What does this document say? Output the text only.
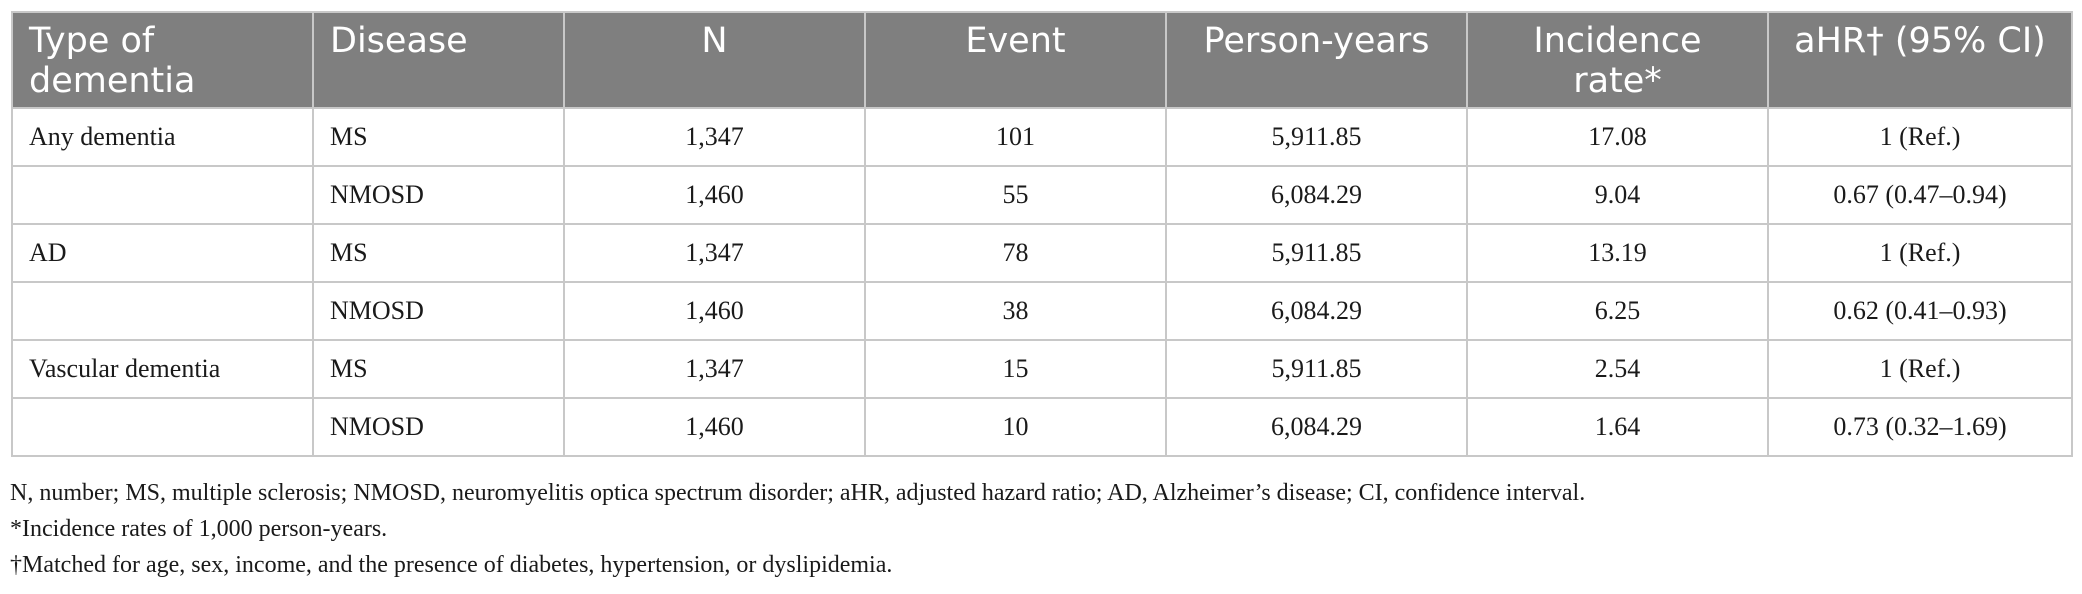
Type of dementia	Disease	N	Event	Person-years	Incidence rate*	aHR† (95% CI)

Any dementia	MS	1,347	101	5,911.85	17.08	1 (Ref.)
	NMOSD	1,460	55	6,084.29	9.04	0.67 (0.47–0.94)
AD	MS	1,347	78	5,911.85	13.19	1 (Ref.)
	NMOSD	1,460	38	6,084.29	6.25	0.62 (0.41–0.93)
Vascular dementia	MS	1,347	15	5,911.85	2.54	1 (Ref.)
	NMOSD	1,460	10	6,084.29	1.64	0.73 (0.32–1.69)

N, number; MS, multiple sclerosis; NMOSD, neuromyelitis optica spectrum disorder; aHR, adjusted hazard ratio; AD, Alzheimer’s disease; CI, confidence interval.

*Incidence rates of 1,000 person-years.

†Matched for age, sex, income, and the presence of diabetes, hypertension, or dyslipidemia.
